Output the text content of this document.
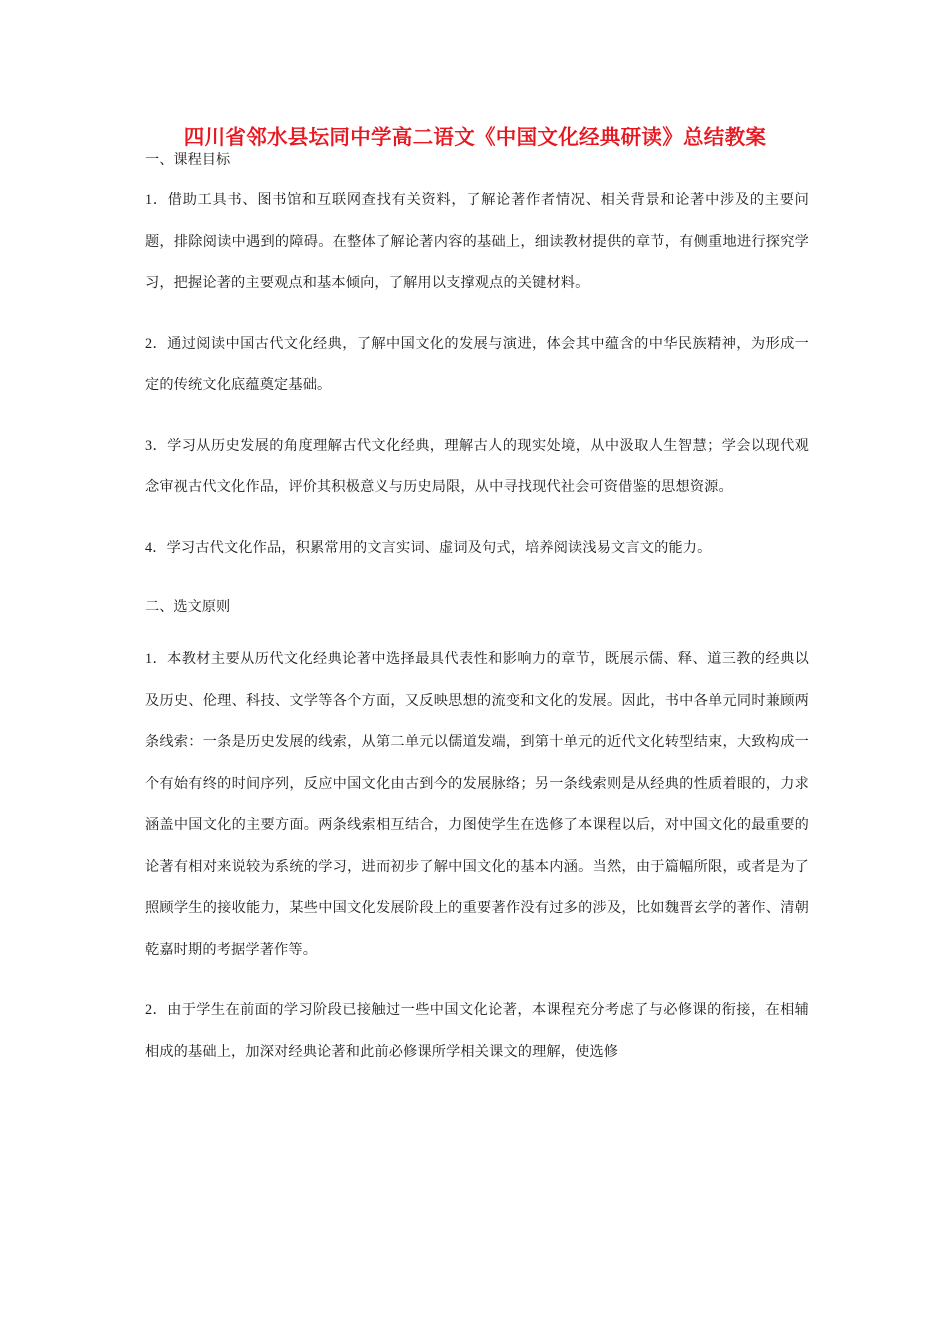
四川省邻水县坛同中学高二语文《中国文化经典研读》总结教案

一、课程目标

1．借助工具书、图书馆和互联网查找有关资料，了解论著作者情况、相关背景和论著中涉及的主要问题，排除阅读中遇到的障碍。在整体了解论著内容的基础上，细读教材提供的章节，有侧重地进行探究学习，把握论著的主要观点和基本倾向，了解用以支撑观点的关键材料。

2．通过阅读中国古代文化经典，了解中国文化的发展与演进，体会其中蕴含的中华民族精神，为形成一定的传统文化底蕴奠定基础。

3．学习从历史发展的角度理解古代文化经典，理解古人的现实处境，从中汲取人生智慧；学会以现代观念审视古代文化作品，评价其积极意义与历史局限，从中寻找现代社会可资借鉴的思想资源。

4．学习古代文化作品，积累常用的文言实词、虚词及句式，培养阅读浅易文言文的能力。

二、选文原则

1．本教材主要从历代文化经典论著中选择最具代表性和影响力的章节，既展示儒、释、道三教的经典以及历史、伦理、科技、文学等各个方面，又反映思想的流变和文化的发展。因此，书中各单元同时兼顾两条线索：一条是历史发展的线索，从第二单元以儒道发端，到第十单元的近代文化转型结束，大致构成一个有始有终的时间序列，反应中国文化由古到今的发展脉络；另一条线索则是从经典的性质着眼的，力求涵盖中国文化的主要方面。两条线索相互结合，力图使学生在选修了本课程以后，对中国文化的最重要的论著有相对来说较为系统的学习，进而初步了解中国文化的基本内涵。当然，由于篇幅所限，或者是为了照顾学生的接收能力，某些中国文化发展阶段上的重要著作没有过多的涉及，比如魏晋玄学的著作、清朝乾嘉时期的考据学著作等。

2．由于学生在前面的学习阶段已接触过一些中国文化论著，本课程充分考虑了与必修课的衔接，在相辅相成的基础上，加深对经典论著和此前必修课所学相关课文的理解，使选修
